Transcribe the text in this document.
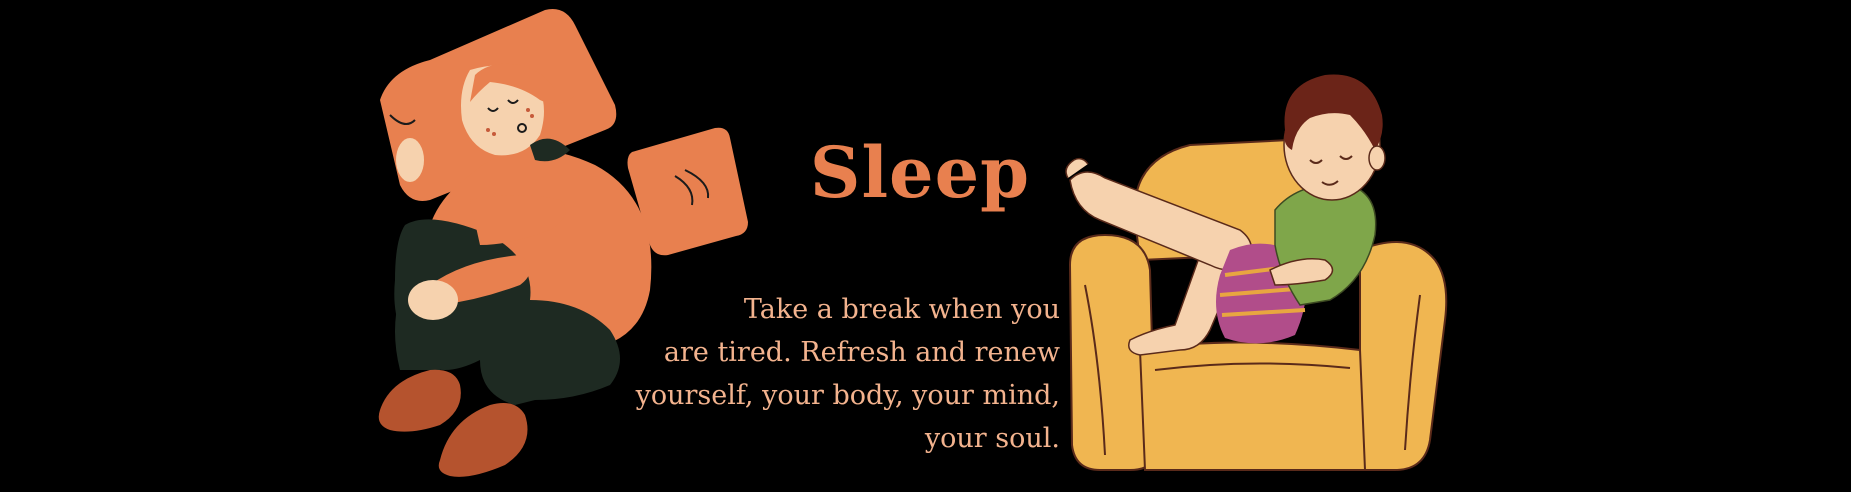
Sleep
Take a break when you
are tired. Refresh and renew
yourself, your body, your mind,
your soul.
